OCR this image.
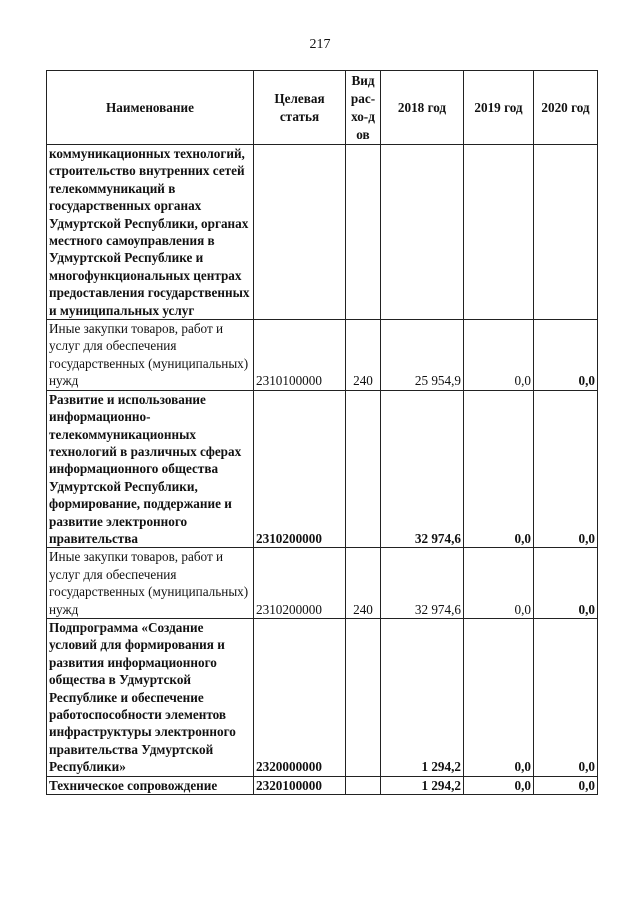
217
Наименование	Целевая статья	Вид рас-хо-дов	2018 год	2019 год	2020 год
коммуникационных технологий, строительство внутренних сетей телекоммуникаций в государственных органах Удмуртской Республики, органах местного самоуправления в Удмуртской Республике и многофункциональных центрах предоставления государственных и муниципальных услуг					
Иные закупки товаров, работ и услуг для обеспечения государственных (муниципальных) нужд	2310100000	240	25 954,9	0,0	0,0
Развитие и использование информационно-телекоммуникационных технологий в различных сферах информационного общества Удмуртской Республики, формирование, поддержание и развитие электронного правительства	2310200000		32 974,6	0,0	0,0
Иные закупки товаров, работ и услуг для обеспечения государственных (муниципальных) нужд	2310200000	240	32 974,6	0,0	0,0
Подпрограмма «Создание условий для формирования и развития информационного общества в Удмуртской Республике и обеспечение работоспособности элементов инфраструктуры электронного правительства Удмуртской Республики»	2320000000		1 294,2	0,0	0,0
Техническое сопровождение	2320100000		1 294,2	0,0	0,0
